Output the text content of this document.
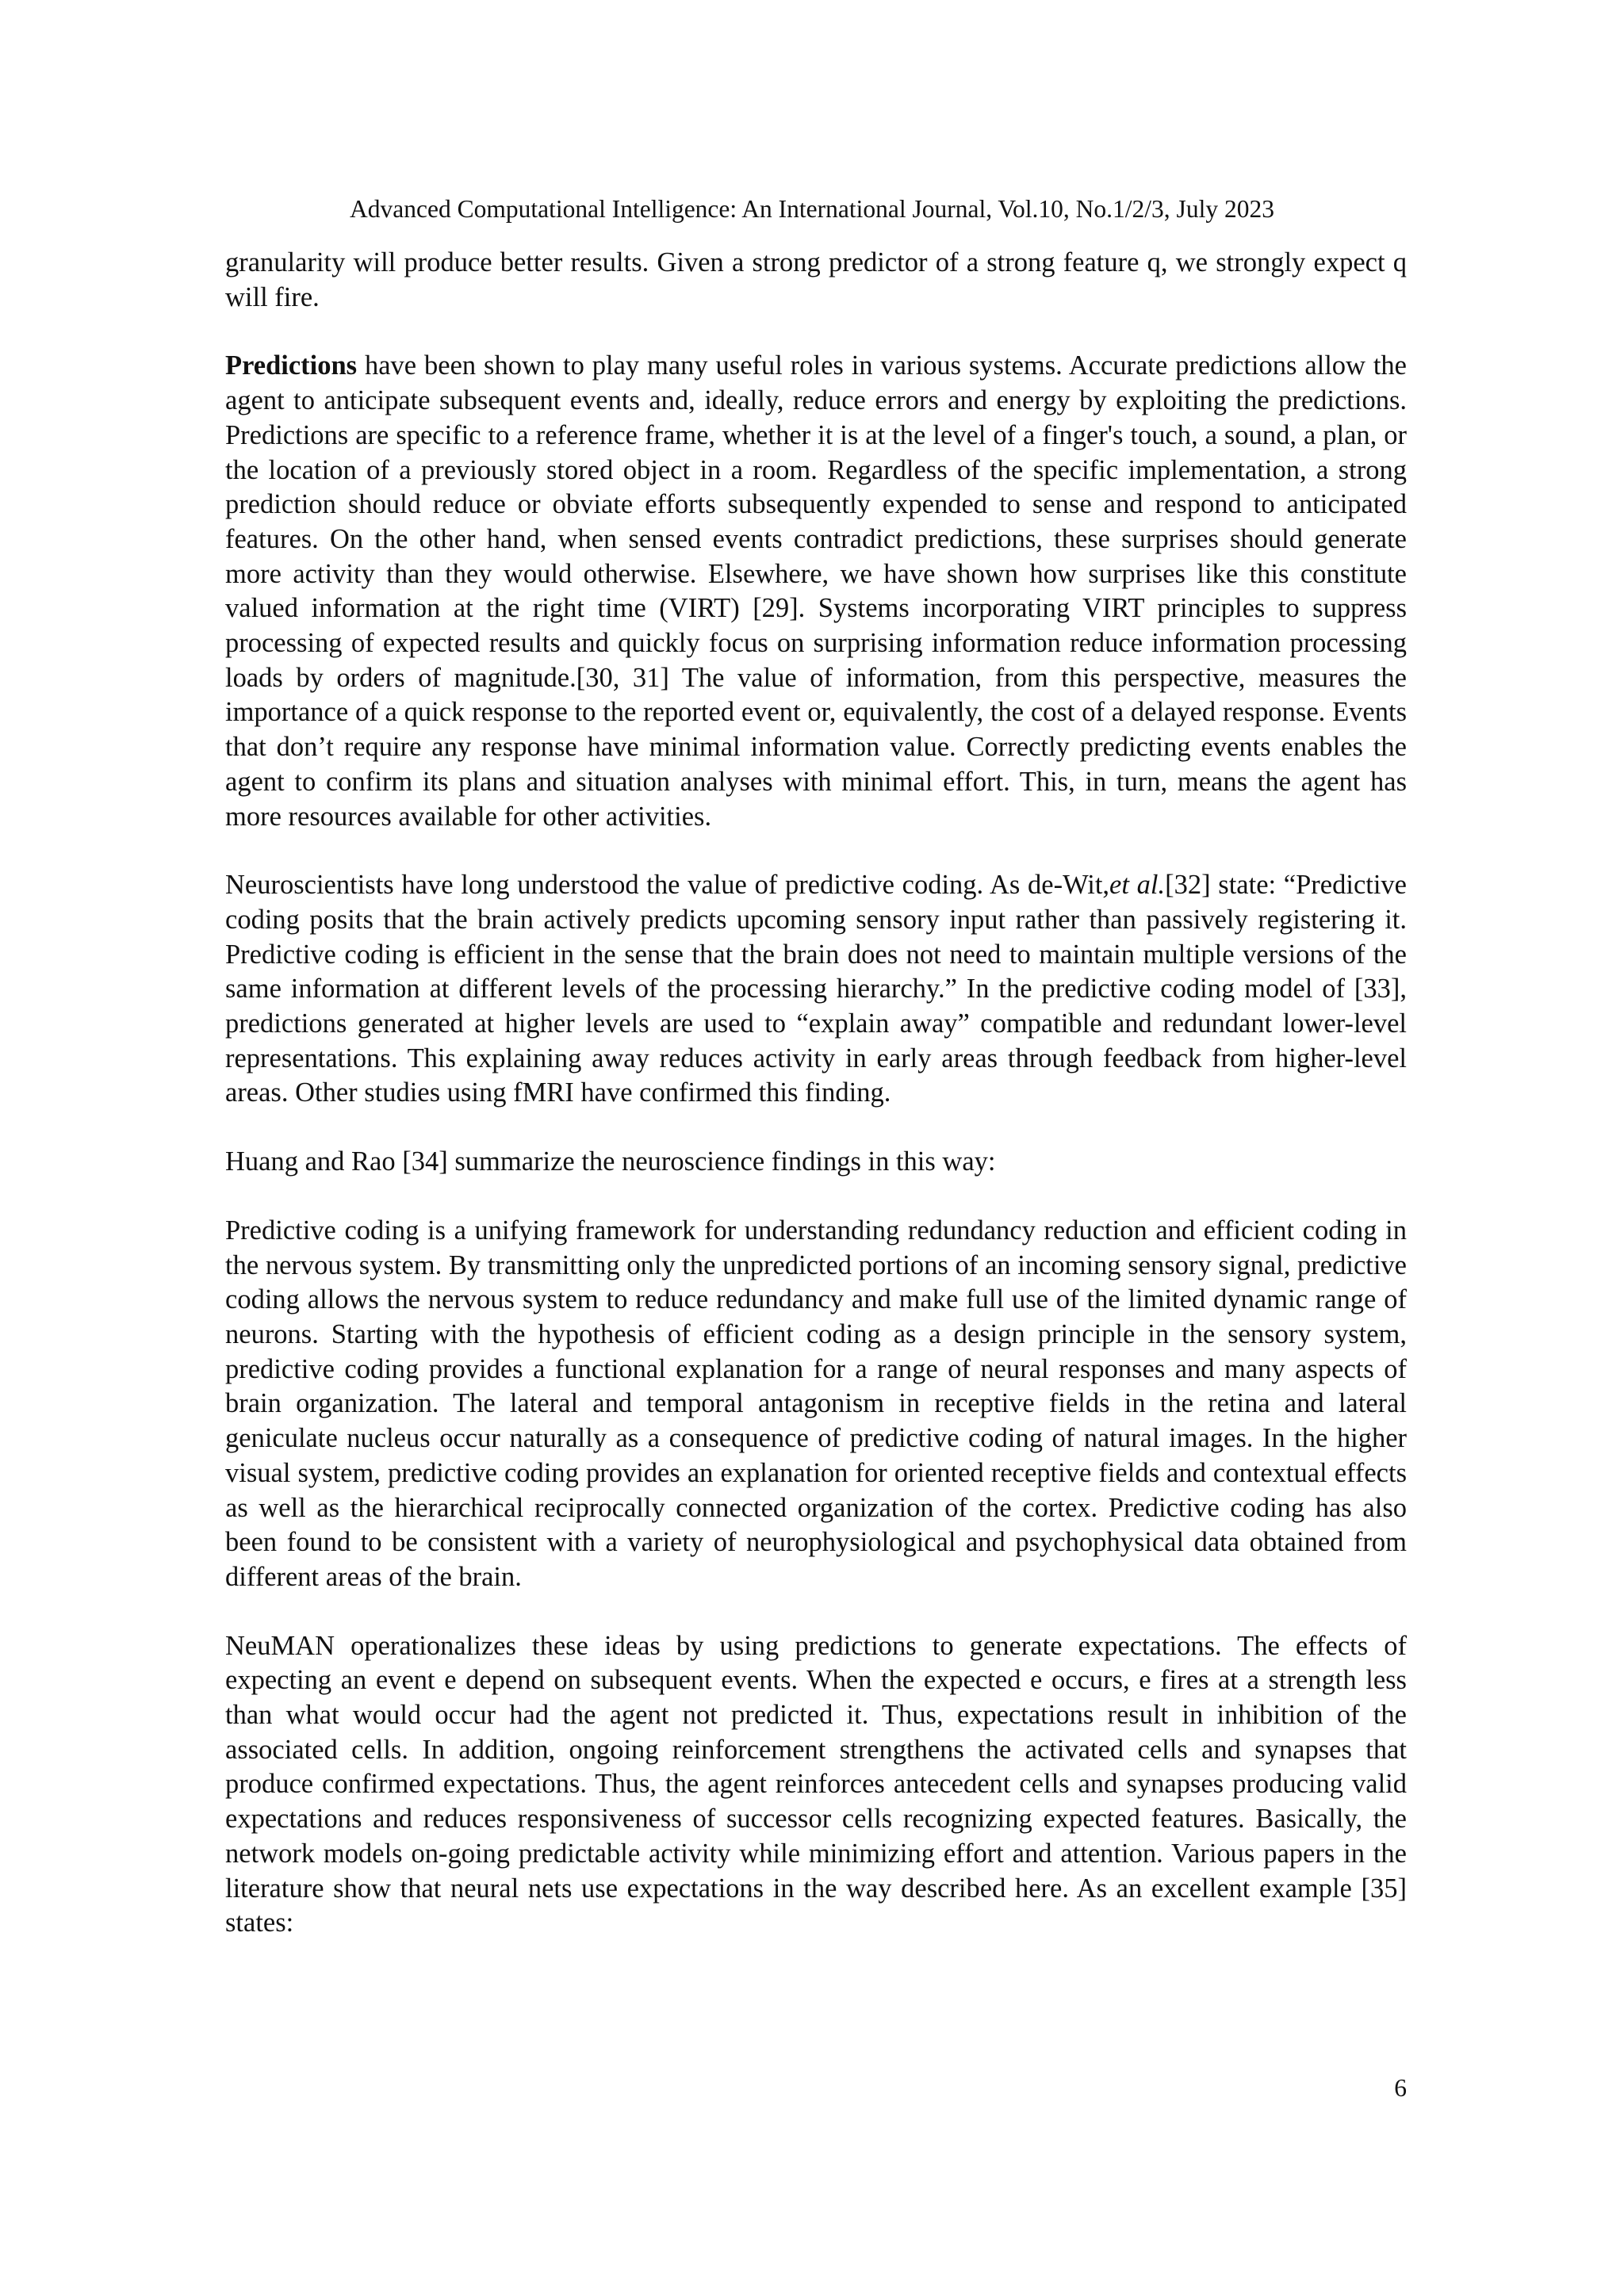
Advanced Computational Intelligence: An International Journal, Vol.10, No.1/2/3, July 2023

granularity will produce better results. Given a strong predictor of a strong feature q, we strongly expect q will fire.

Predictions have been shown to play many useful roles in various systems. Accurate predictions allow the agent to anticipate subsequent events and, ideally, reduce errors and energy by exploiting the predictions. Predictions are specific to a reference frame, whether it is at the level of a finger's touch, a sound, a plan, or the location of a previously stored object in a room. Regardless of the specific implementation, a strong prediction should reduce or obviate efforts subsequently expended to sense and respond to anticipated features. On the other hand, when sensed events contradict predictions, these surprises should generate more activity than they would otherwise. Elsewhere, we have shown how surprises like this constitute valued information at the right time (VIRT) [29]. Systems incorporating VIRT principles to suppress processing of expected results and quickly focus on surprising information reduce information processing loads by orders of magnitude.[30, 31] The value of information, from this perspective, measures the importance of a quick response to the reported event or, equivalently, the cost of a delayed response. Events that don’t require any response have minimal information value. Correctly predicting events enables the agent to confirm its plans and situation analyses with minimal effort. This, in turn, means the agent has more resources available for other activities.

Neuroscientists have long understood the value of predictive coding. As de-Wit,et al.[32] state: “Predictive coding posits that the brain actively predicts upcoming sensory input rather than passively registering it. Predictive coding is efficient in the sense that the brain does not need to maintain multiple versions of the same information at different levels of the processing hierarchy.” In the predictive coding model of [33], predictions generated at higher levels are used to “explain away” compatible and redundant lower-level representations. This explaining away reduces activity in early areas through feedback from higher-level areas. Other studies using fMRI have confirmed this finding.

Huang and Rao [34] summarize the neuroscience findings in this way:

Predictive coding is a unifying framework for understanding redundancy reduction and efficient coding in the nervous system. By transmitting only the unpredicted portions of an incoming sensory signal, predictive coding allows the nervous system to reduce redundancy and make full use of the limited dynamic range of neurons. Starting with the hypothesis of efficient coding as a design principle in the sensory system, predictive coding provides a functional explanation for a range of neural responses and many aspects of brain organization. The lateral and temporal antagonism in receptive fields in the retina and lateral geniculate nucleus occur naturally as a consequence of predictive coding of natural images. In the higher visual system, predictive coding provides an explanation for oriented receptive fields and contextual effects as well as the hierarchical reciprocally connected organization of the cortex. Predictive coding has also been found to be consistent with a variety of neurophysiological and psychophysical data obtained from different areas of the brain.

NeuMAN operationalizes these ideas by using predictions to generate expectations. The effects of expecting an event e depend on subsequent events. When the expected e occurs, e fires at a strength less than what would occur had the agent not predicted it. Thus, expectations result in inhibition of the associated cells. In addition, ongoing reinforcement strengthens the activated cells and synapses that produce confirmed expectations. Thus, the agent reinforces antecedent cells and synapses producing valid expectations and reduces responsiveness of successor cells recognizing expected features. Basically, the network models on-going predictable activity while minimizing effort and attention. Various papers in the literature show that neural nets use expectations in the way described here. As an excellent example [35] states:

6
